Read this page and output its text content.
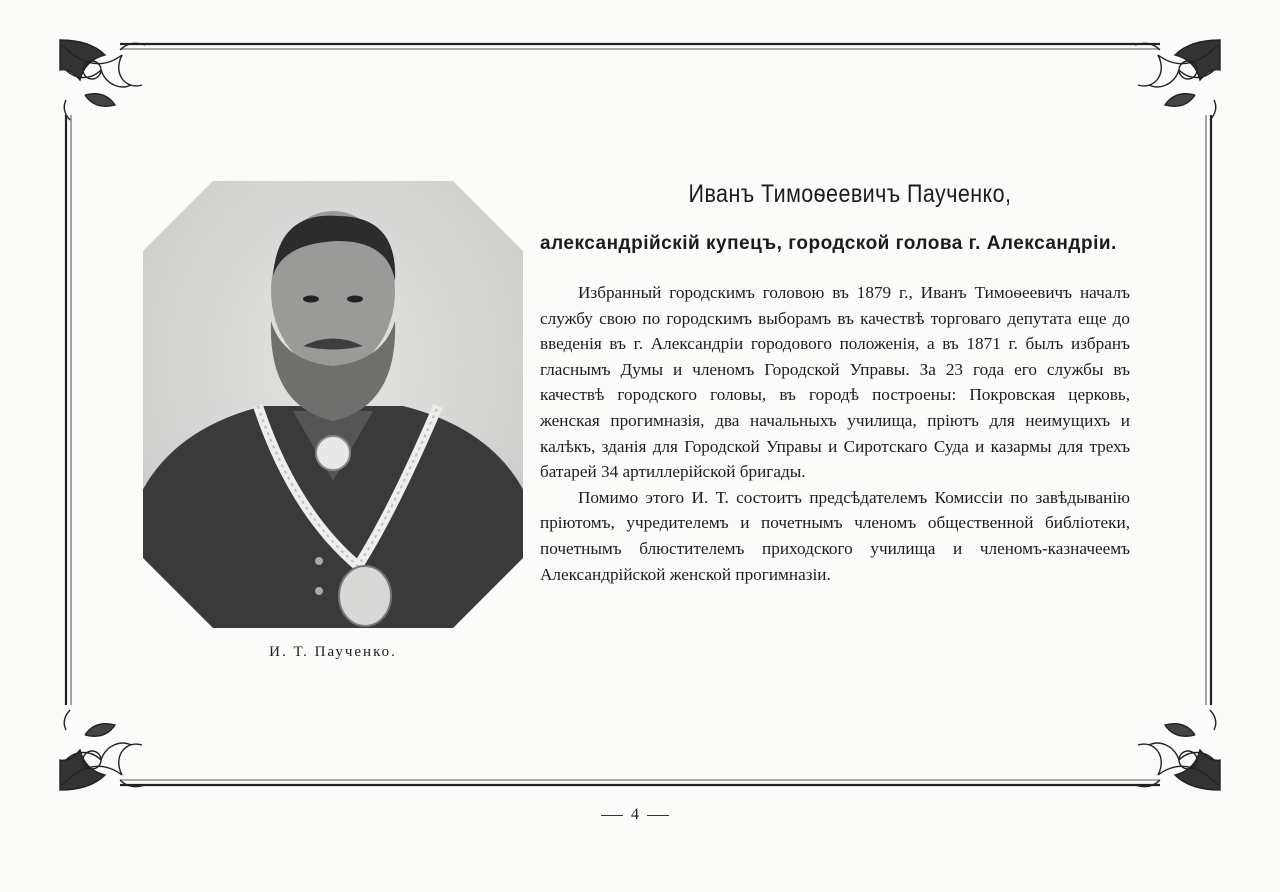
И. Т. Паученко.
Иванъ Тимоѳеевичъ Паученко,
александрійскій купецъ, городской голова г. Александріи.

Избранный городскимъ головою въ 1879 г., Иванъ Тимоѳеевичъ началъ службу свою по городскимъ выборамъ въ качествѣ торговаго депутата еще до введенія въ г. Александріи городового положенія, а въ 1871 г. былъ избранъ гласнымъ Думы и членомъ Городской Управы. За 23 года его службы въ качествѣ городского головы, въ городѣ построены: Покровская церковь, женская прогимназія, два начальныхъ училища, пріютъ для неимущихъ и калѣкъ, зданія для Городской Управы и Сиротскаго Суда и казармы для трехъ батарей 34 артиллерійской бригады.

Помимо этого И. Т. состоитъ предсѣдателемъ Комиссіи по завѣдыванію пріютомъ, учредителемъ и почетнымъ членомъ общественной библіотеки, почетнымъ блюстителемъ приходского училища и членомъ-казначеемъ Александрійской женской прогимназіи.

4
